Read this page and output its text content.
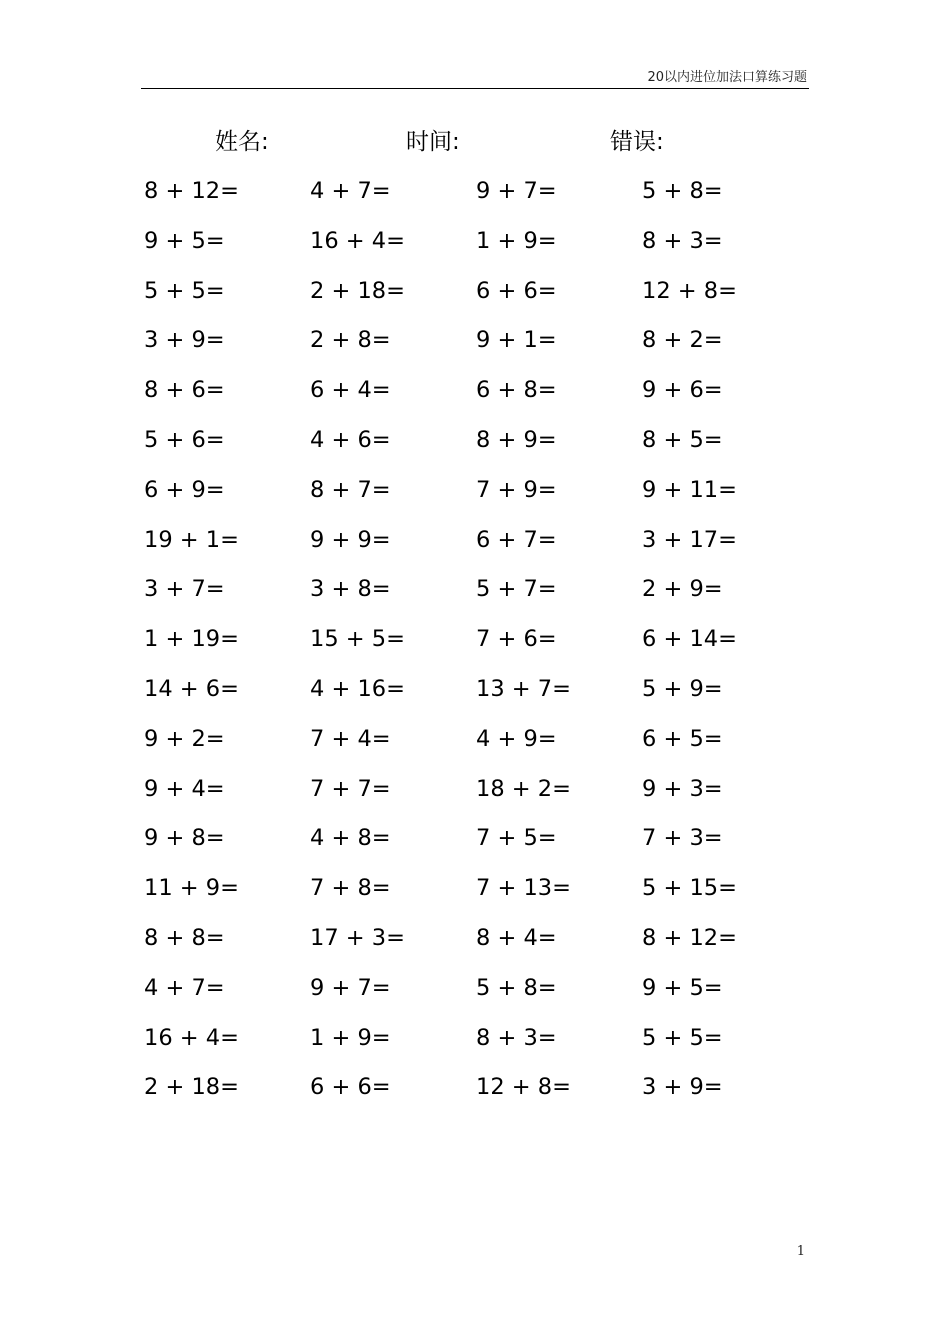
20以内进位加法口算练习题
姓名:	时间:	错误:
8 + 12=	4 + 7=	9 + 7=	5 + 8=
9 + 5=	16 + 4=	1 + 9=	8 + 3=
5 + 5=	2 + 18=	6 + 6=	12 + 8=
3 + 9=	2 + 8=	9 + 1=	8 + 2=
8 + 6=	6 + 4=	6 + 8=	9 + 6=
5 + 6=	4 + 6=	8 + 9=	8 + 5=
6 + 9=	8 + 7=	7 + 9=	9 + 11=
19 + 1=	9 + 9=	6 + 7=	3 + 17=
3 + 7=	3 + 8=	5 + 7=	2 + 9=
1 + 19=	15 + 5=	7 + 6=	6 + 14=
14 + 6=	4 + 16=	13 + 7=	5 + 9=
9 + 2=	7 + 4=	4 + 9=	6 + 5=
9 + 4=	7 + 7=	18 + 2=	9 + 3=
9 + 8=	4 + 8=	7 + 5=	7 + 3=
11 + 9=	7 + 8=	7 + 13=	5 + 15=
8 + 8=	17 + 3=	8 + 4=	8 + 12=
4 + 7=	9 + 7=	5 + 8=	9 + 5=
16 + 4=	1 + 9=	8 + 3=	5 + 5=
2 + 18=	6 + 6=	12 + 8=	3 + 9=
1
